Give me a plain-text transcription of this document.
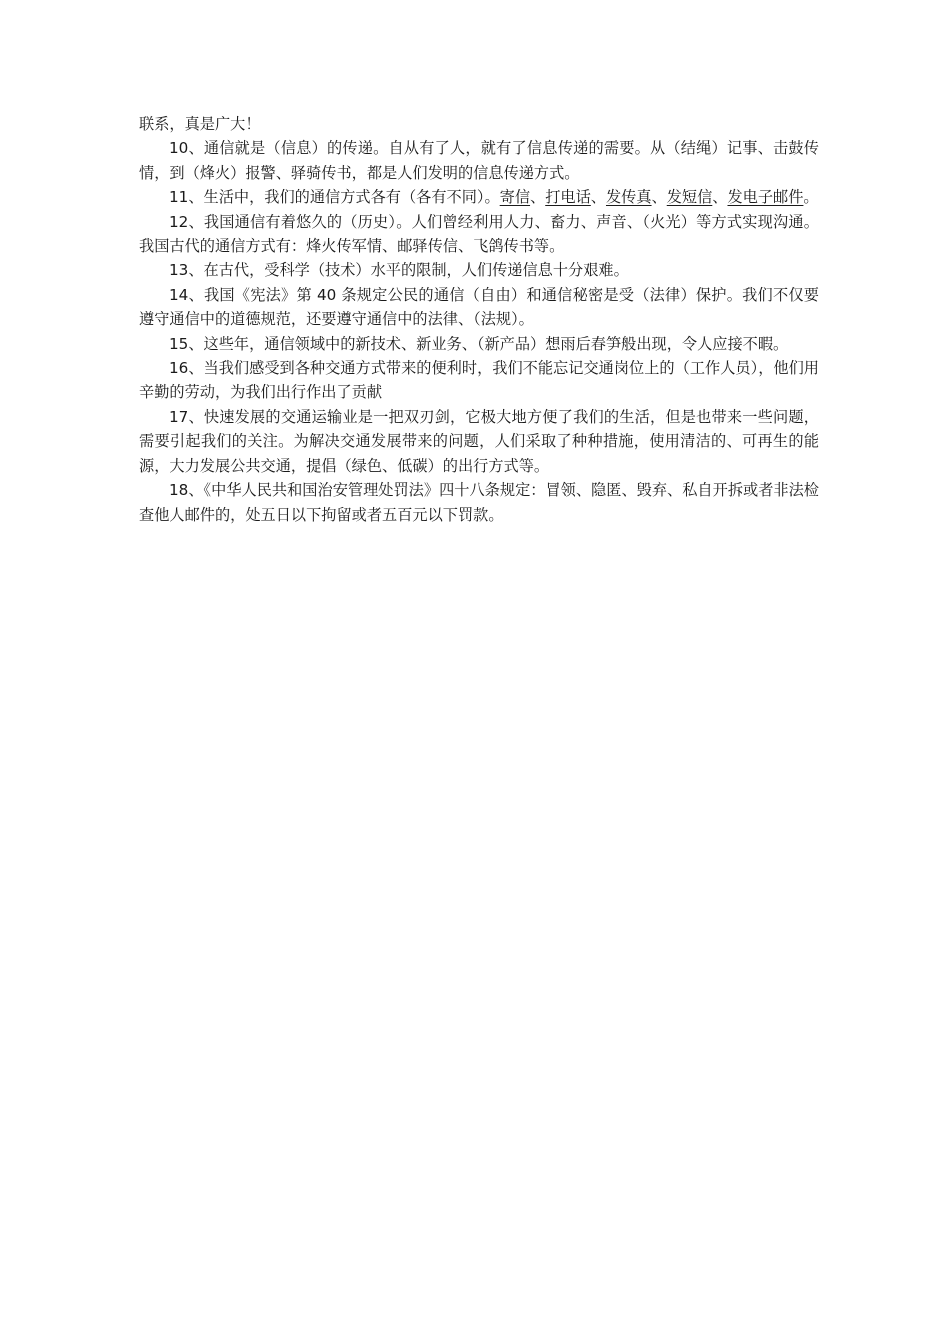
联系，真是广大！

10、通信就是（信息）的传递。自从有了人，就有了信息传递的需要。从（结绳）记事、击鼓传情，到（烽火）报警、驿骑传书，都是人们发明的信息传递方式。

11、生活中，我们的通信方式各有（各有不同）。寄信、打电话、发传真、发短信、发电子邮件。

12、我国通信有着悠久的（历史）。人们曾经利用人力、畜力、声音、（火光）等方式实现沟通。我国古代的通信方式有：烽火传军情、邮驿传信、飞鸽传书等。

13、在古代，受科学（技术）水平的限制，人们传递信息十分艰难。

14、我国《宪法》第 40 条规定公民的通信（自由）和通信秘密是受（法律）保护。我们不仅要遵守通信中的道德规范，还要遵守通信中的法律、（法规）。

15、这些年，通信领域中的新技术、新业务、（新产品）想雨后春笋般出现，令人应接不暇。

16、当我们感受到各种交通方式带来的便利时，我们不能忘记交通岗位上的（工作人员），他们用辛勤的劳动，为我们出行作出了贡献

17、快速发展的交通运输业是一把双刃剑，它极大地方便了我们的生活，但是也带来一些问题，需要引起我们的关注。为解决交通发展带来的问题，人们采取了种种措施，使用清洁的、可再生的能源，大力发展公共交通，提倡（绿色、低碳）的出行方式等。

18、《中华人民共和国治安管理处罚法》四十八条规定：冒领、隐匿、毁弃、私自开拆或者非法检查他人邮件的，处五日以下拘留或者五百元以下罚款。
